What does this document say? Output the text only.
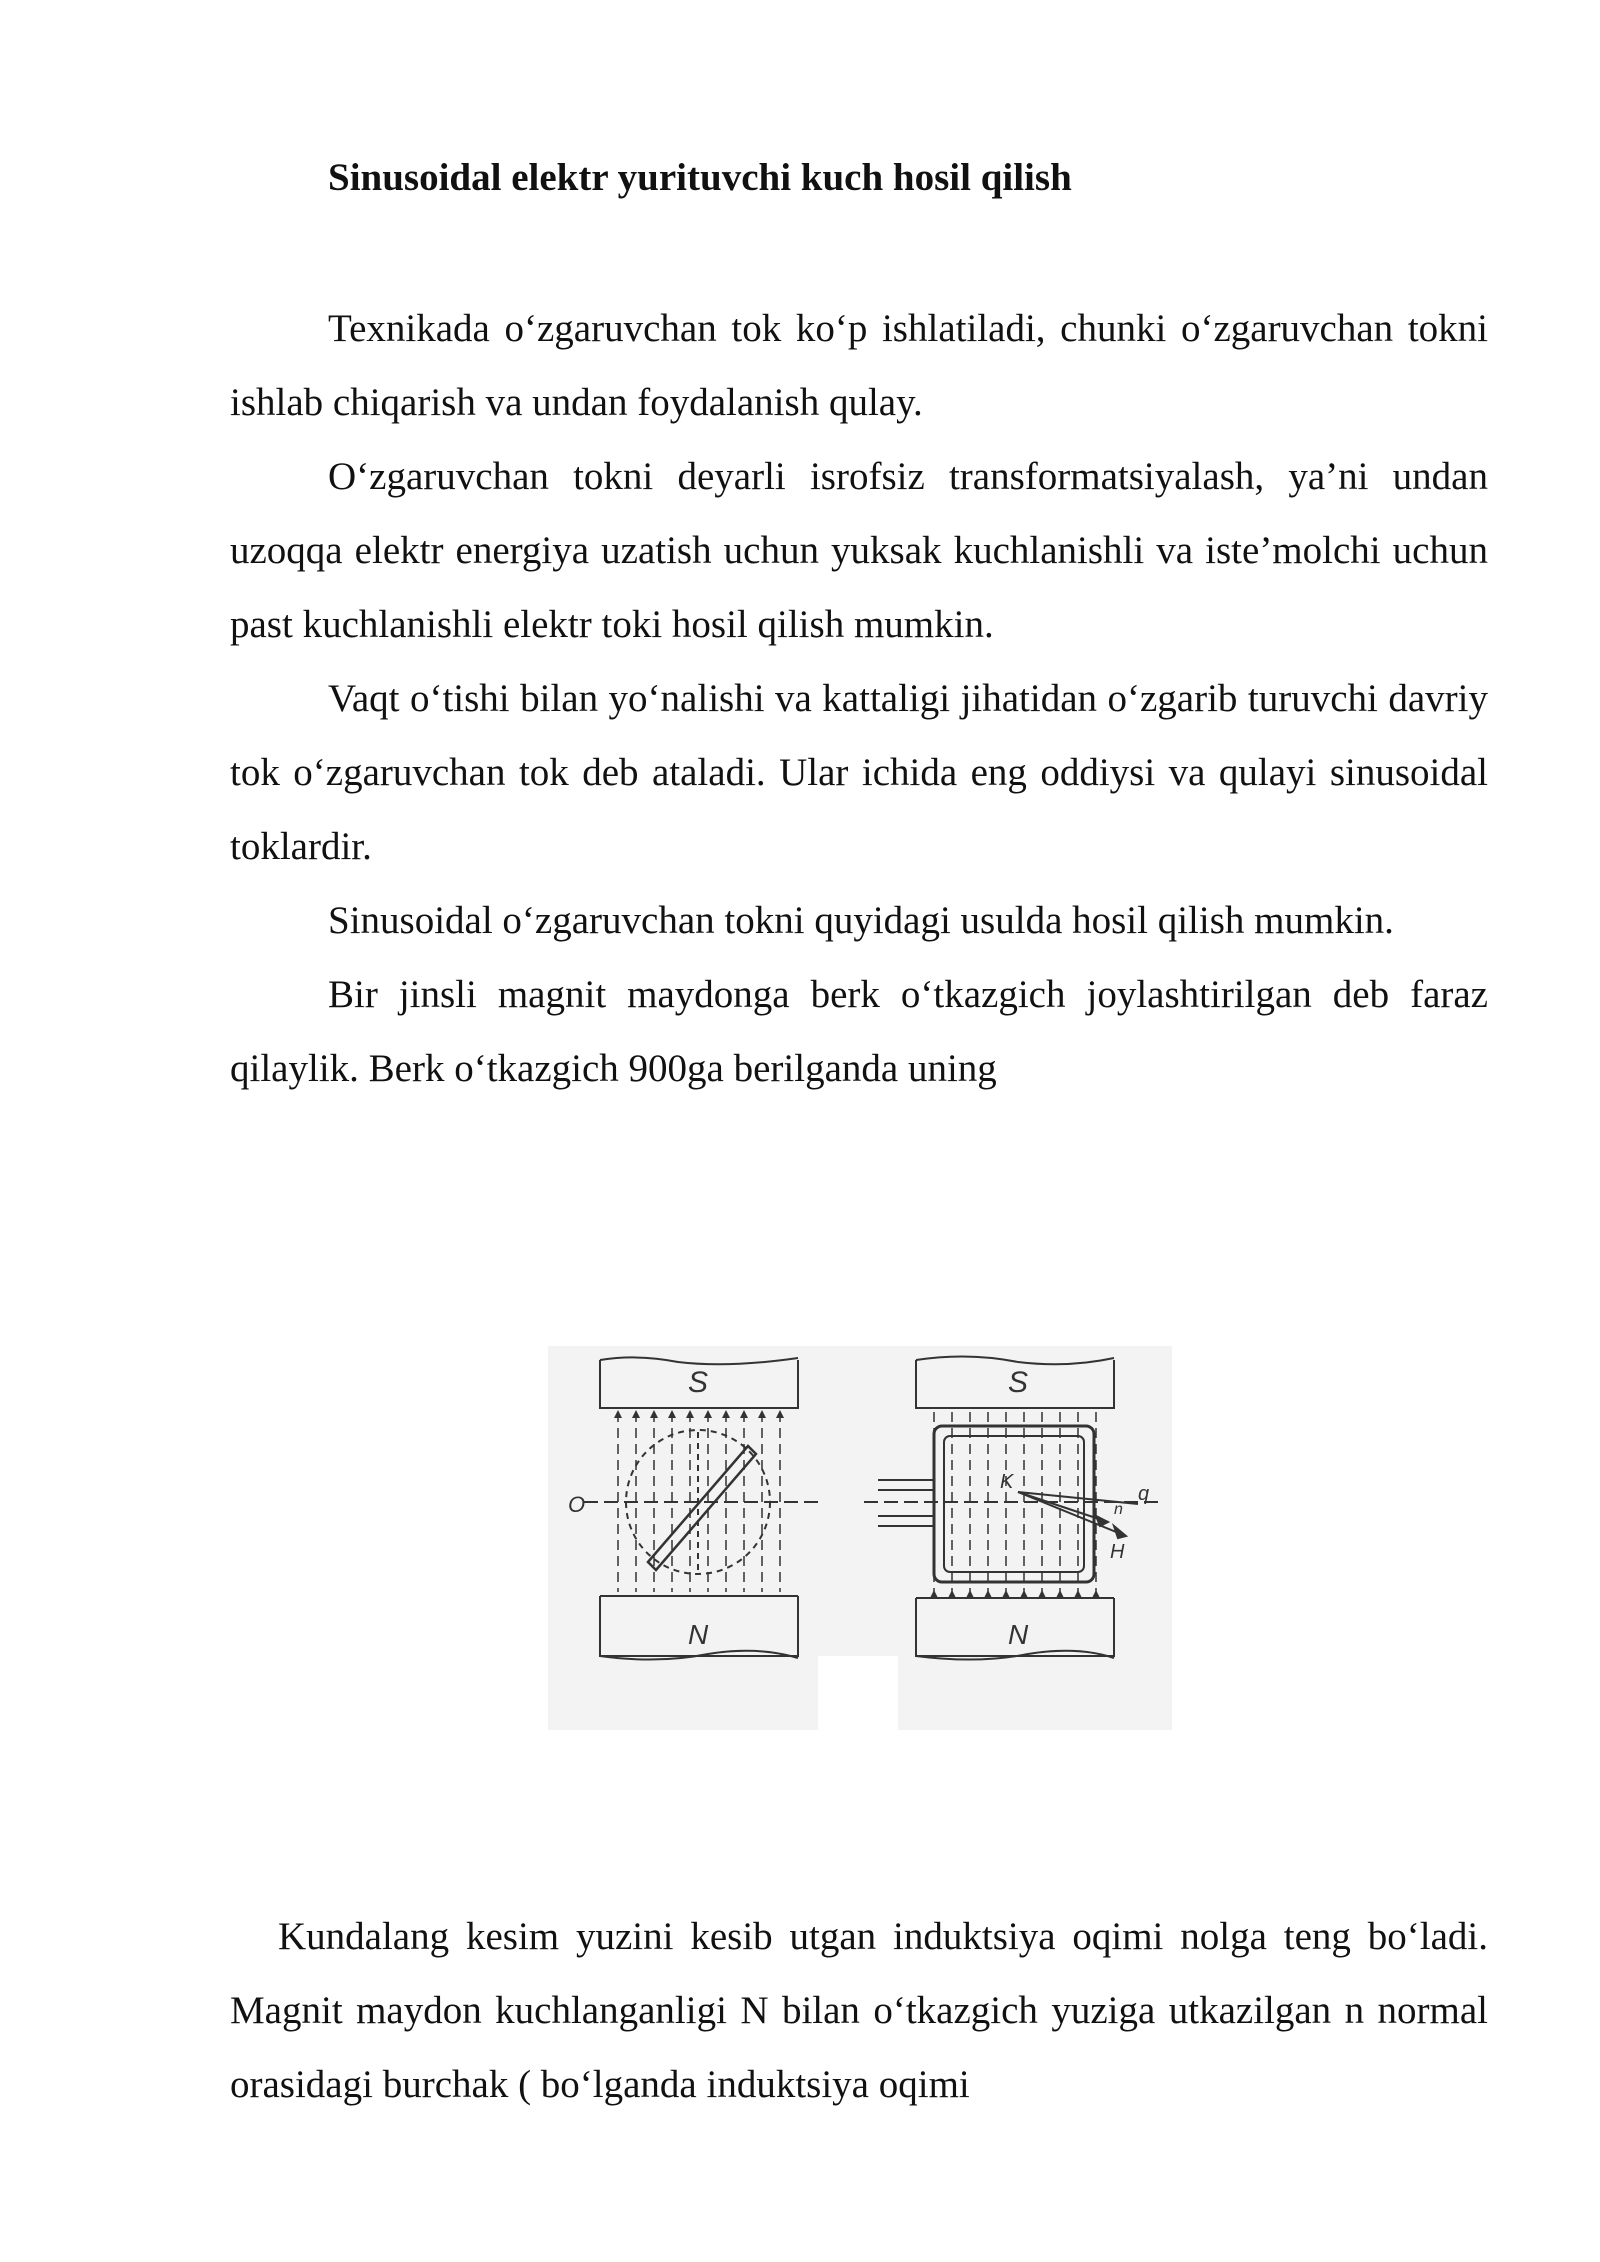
Sinusoidal elektr yurituvchi kuch hosil qilish

Texnikada o‘zgaruvchan tok ko‘p ishlatiladi, chunki o‘zgaruvchan tokni ishlab chiqarish va undan foydalanish qulay.

O‘zgaruvchan tokni deyarli isrofsiz transformatsiyalash, ya’ni undan uzoqqa elektr energiya uzatish uchun yuksak kuchlanishli va iste’molchi uchun past kuchlanishli elektr toki hosil qilish mumkin.

Vaqt o‘tishi bilan yo‘nalishi va kattaligi jihatidan o‘zgarib turuvchi davriy tok o‘zgaruvchan tok deb ataladi. Ular ichida eng oddiysi va qulayi sinusoidal toklardir.

Sinusoidal o‘zgaruvchan tokni quyidagi usulda hosil qilish mumkin.

Bir jinsli magnit maydonga berk o‘tkazgich joylashtirilgan deb faraz qilaylik. Berk o‘tkazgich 900ga berilganda uning

S
N
O
S
N
K
q
n
H

Kundalang kesim yuzini kesib utgan induktsiya oqimi nolga teng bo‘ladi. Magnit maydon kuchlanganligi N bilan o‘tkazgich yuziga utkazilgan n normal orasidagi burchak ( bo‘lganda induktsiya oqimi
